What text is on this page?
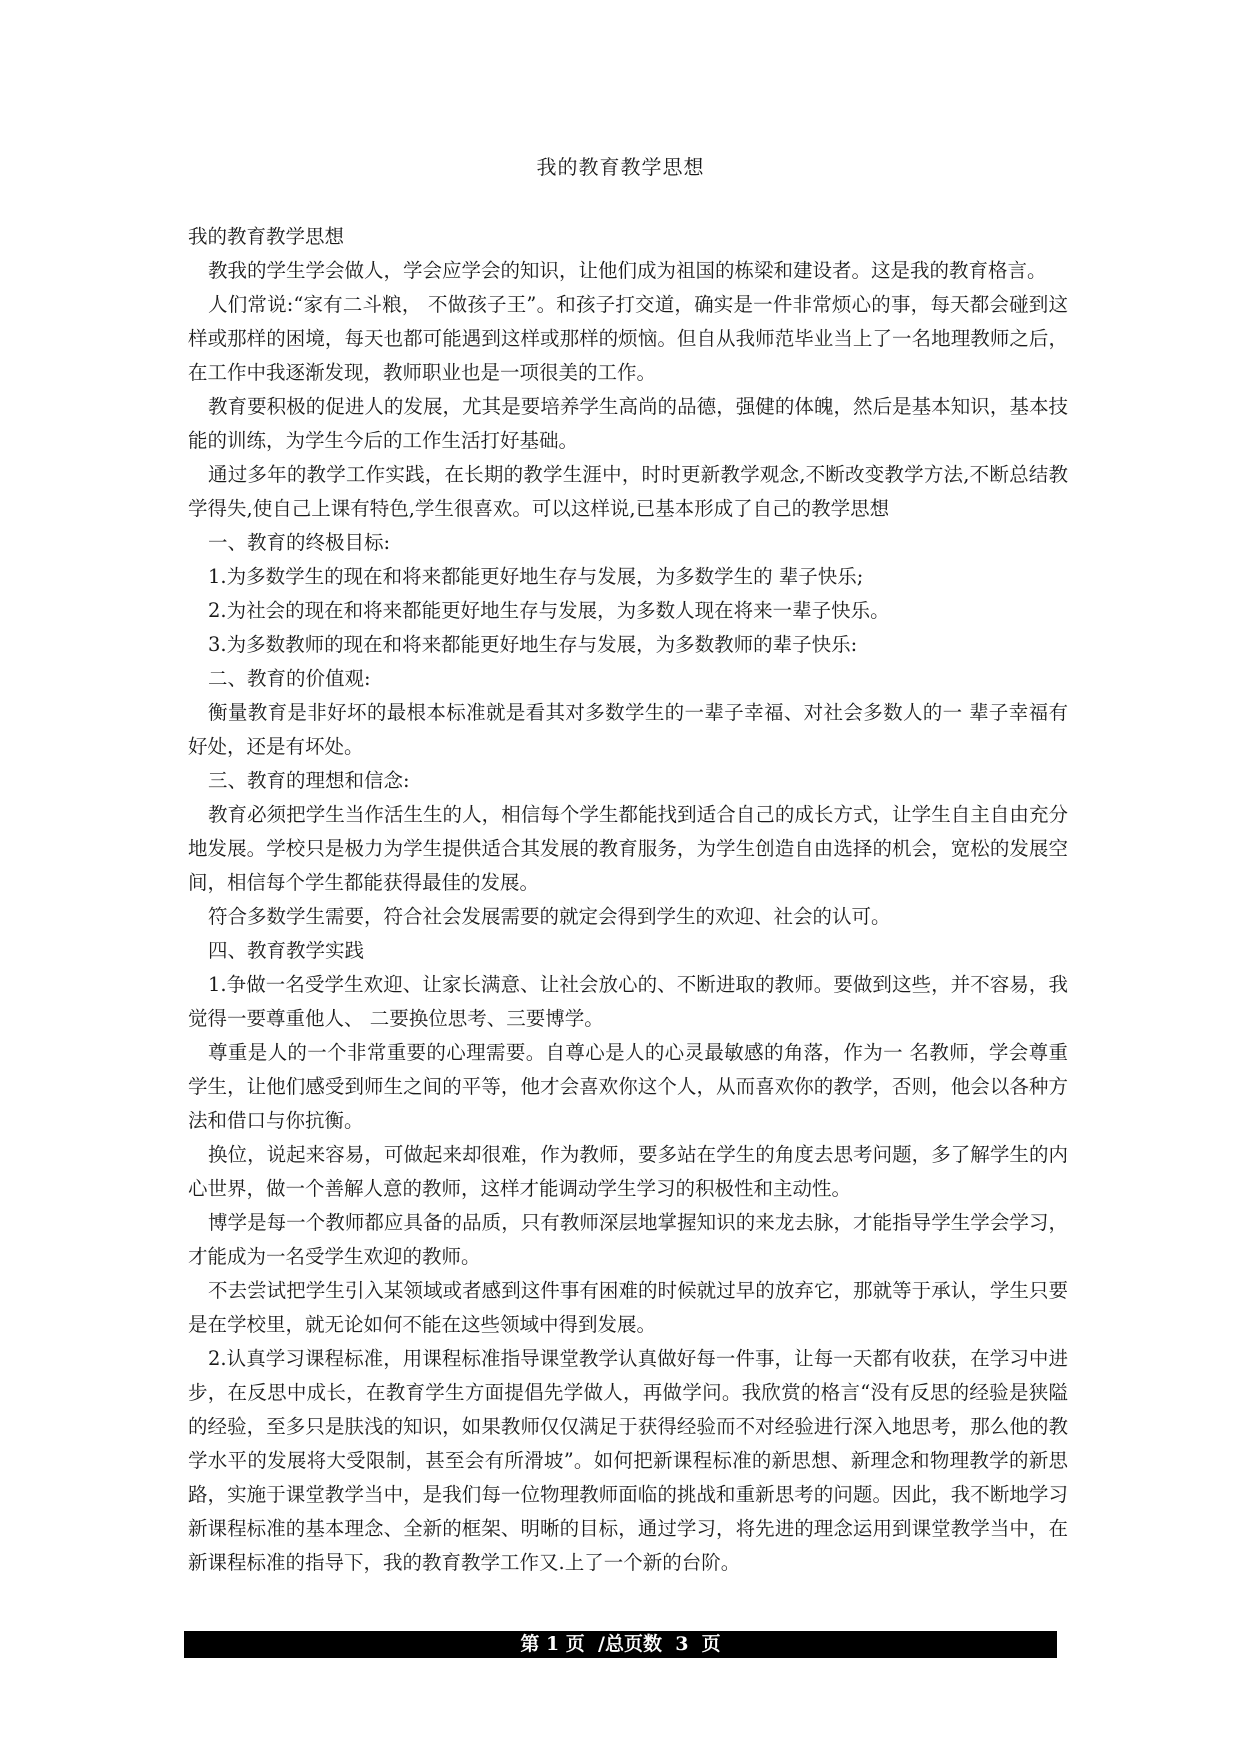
我的教育教学思想

我的教育教学思想

教我的学生学会做人，学会应学会的知识，让他们成为祖国的栋梁和建设者。这是我的教育格言。

人们常说:“家有二斗粮， 不做孩子王”。和孩子打交道，确实是一件非常烦心的事，每天都会碰到这样或那样的困境，每天也都可能遇到这样或那样的烦恼。但自从我师范毕业当上了一名地理教师之后，在工作中我逐渐发现，教师职业也是一项很美的工作。

教育要积极的促进人的发展，尤其是要培养学生高尚的品德，强健的体魄，然后是基本知识，基本技能的训练，为学生今后的工作生活打好基础。

通过多年的教学工作实践，在长期的教学生涯中，时时更新教学观念,不断改变教学方法,不断总结教学得失,使自己上课有特色,学生很喜欢。可以这样说,已基本形成了自己的教学思想

一、教育的终极目标:

1.为多数学生的现在和将来都能更好地生存与发展，为多数学生的 辈子快乐;

2.为社会的现在和将来都能更好地生存与发展，为多数人现在将来一辈子快乐。

3.为多数教师的现在和将来都能更好地生存与发展，为多数教师的辈子快乐:

二、教育的价值观:

衡量教育是非好坏的最根本标准就是看其对多数学生的一辈子幸福、对社会多数人的一 辈子幸福有好处，还是有坏处。

三、教育的理想和信念:

教育必须把学生当作活生生的人，相信每个学生都能找到适合自己的成长方式，让学生自主自由充分地发展。学校只是极力为学生提供适合其发展的教育服务，为学生创造自由选择的机会，宽松的发展空间，相信每个学生都能获得最佳的发展。

符合多数学生需要，符合社会发展需要的就定会得到学生的欢迎、社会的认可。

四、教育教学实践

1.争做一名受学生欢迎、让家长满意、让社会放心的、不断进取的教师。要做到这些，并不容易，我觉得一要尊重他人、 二要换位思考、三要博学。

尊重是人的一个非常重要的心理需要。自尊心是人的心灵最敏感的角落，作为一 名教师，学会尊重学生，让他们感受到师生之间的平等，他才会喜欢你这个人，从而喜欢你的教学，否则，他会以各种方法和借口与你抗衡。

换位，说起来容易，可做起来却很难，作为教师，要多站在学生的角度去思考问题，多了解学生的内心世界，做一个善解人意的教师，这样才能调动学生学习的积极性和主动性。

博学是每一个教师都应具备的品质，只有教师深层地掌握知识的来龙去脉，才能指导学生学会学习，才能成为一名受学生欢迎的教师。

不去尝试把学生引入某领域或者感到这件事有困难的时候就过早的放弃它，那就等于承认，学生只要是在学校里，就无论如何不能在这些领域中得到发展。

2.认真学习课程标准，用课程标准指导课堂教学认真做好每一件事，让每一天都有收获，在学习中进步，在反思中成长，在教育学生方面提倡先学做人，再做学问。我欣赏的格言“没有反思的经验是狭隘的经验，至多只是肤浅的知识，如果教师仅仅满足于获得经验而不对经验进行深入地思考，那么他的教学水平的发展将大受限制，甚至会有所滑坡”。如何把新课程标准的新思想、新理念和物理教学的新思路，实施于课堂教学当中，是我们每一位物理教师面临的挑战和重新思考的问题。因此，我不断地学习新课程标准的基本理念、全新的框架、明晰的目标，通过学习，将先进的理念运用到课堂教学当中，在新课程标准的指导下，我的教育教学工作又.上了一个新的台阶。

第 1 页  /总页数  3  页
